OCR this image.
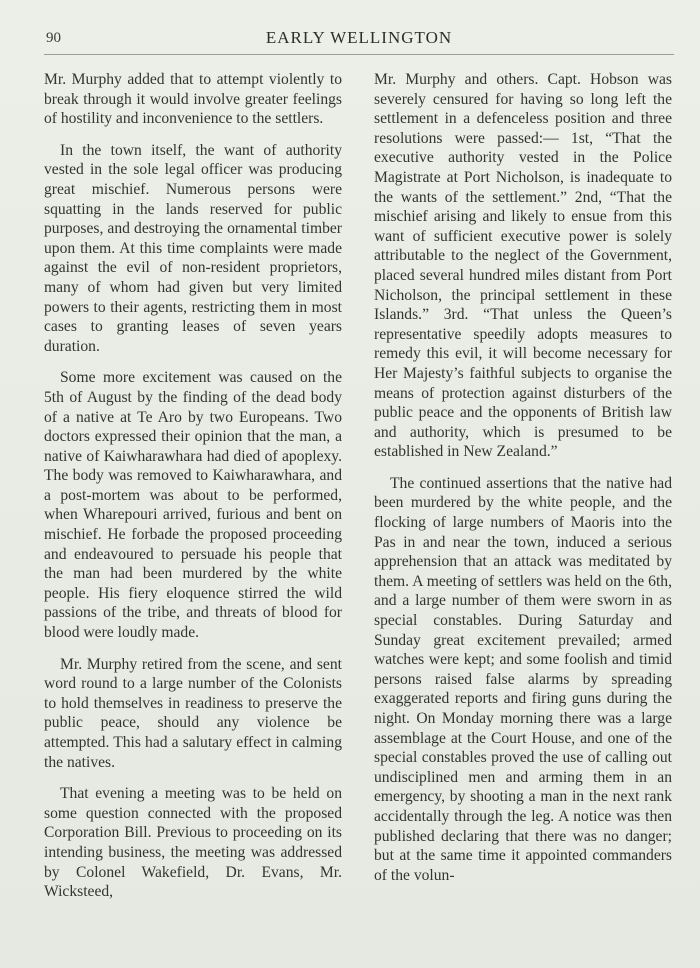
90	EARLY WELLINGTON

Mr. Murphy added that to attempt violently to break through it would involve greater feelings of hostility and inconvenience to the settlers.

In the town itself, the want of authority vested in the sole legal officer was producing great mischief. Numerous persons were squatting in the lands reserved for public purposes, and destroying the ornamental timber upon them. At this time complaints were made against the evil of non-resident proprietors, many of whom had given but very limited powers to their agents, restricting them in most cases to granting leases of seven years duration.

Some more excitement was caused on the 5th of August by the finding of the dead body of a native at Te Aro by two Europeans. Two doctors expressed their opinion that the man, a native of Kaiwharawhara had died of apoplexy. The body was removed to Kaiwharawhara, and a post-mortem was about to be performed, when Wharepouri arrived, furious and bent on mischief. He forbade the proposed proceeding and endeavoured to persuade his people that the man had been murdered by the white people. His fiery eloquence stirred the wild passions of the tribe, and threats of blood for blood were loudly made.

Mr. Murphy retired from the scene, and sent word round to a large number of the Colonists to hold themselves in readiness to preserve the public peace, should any violence be attempted. This had a salutary effect in calming the natives.

That evening a meeting was to be held on some question connected with the proposed Corporation Bill. Previous to proceeding on its intending business, the meeting was addressed by Colonel Wakefield, Dr. Evans, Mr. Wicksteed,

Mr. Murphy and others. Capt. Hobson was severely censured for having so long left the settlement in a defenceless position and three resolutions were passed:— 1st, “That the executive authority vested in the Police Magistrate at Port Nicholson, is inadequate to the wants of the settlement.” 2nd, “That the mischief arising and likely to ensue from this want of sufficient executive power is solely attributable to the neglect of the Government, placed several hundred miles distant from Port Nicholson, the principal settlement in these Islands.” 3rd. “That unless the Queen’s representative speedily adopts measures to remedy this evil, it will become necessary for Her Majesty’s faithful subjects to organise the means of protection against disturbers of the public peace and the opponents of British law and authority, which is presumed to be established in New Zealand.”

The continued assertions that the native had been murdered by the white people, and the flocking of large numbers of Maoris into the Pas in and near the town, induced a serious apprehension that an attack was meditated by them. A meeting of settlers was held on the 6th, and a large number of them were sworn in as special constables. During Saturday and Sunday great excitement prevailed; armed watches were kept; and some foolish and timid persons raised false alarms by spreading exaggerated reports and firing guns during the night. On Monday morning there was a large assemblage at the Court House, and one of the special constables proved the use of calling out undisciplined men and arming them in an emergency, by shooting a man in the next rank accidentally through the leg. A notice was then published declaring that there was no danger; but at the same time it appointed commanders of the volun-
